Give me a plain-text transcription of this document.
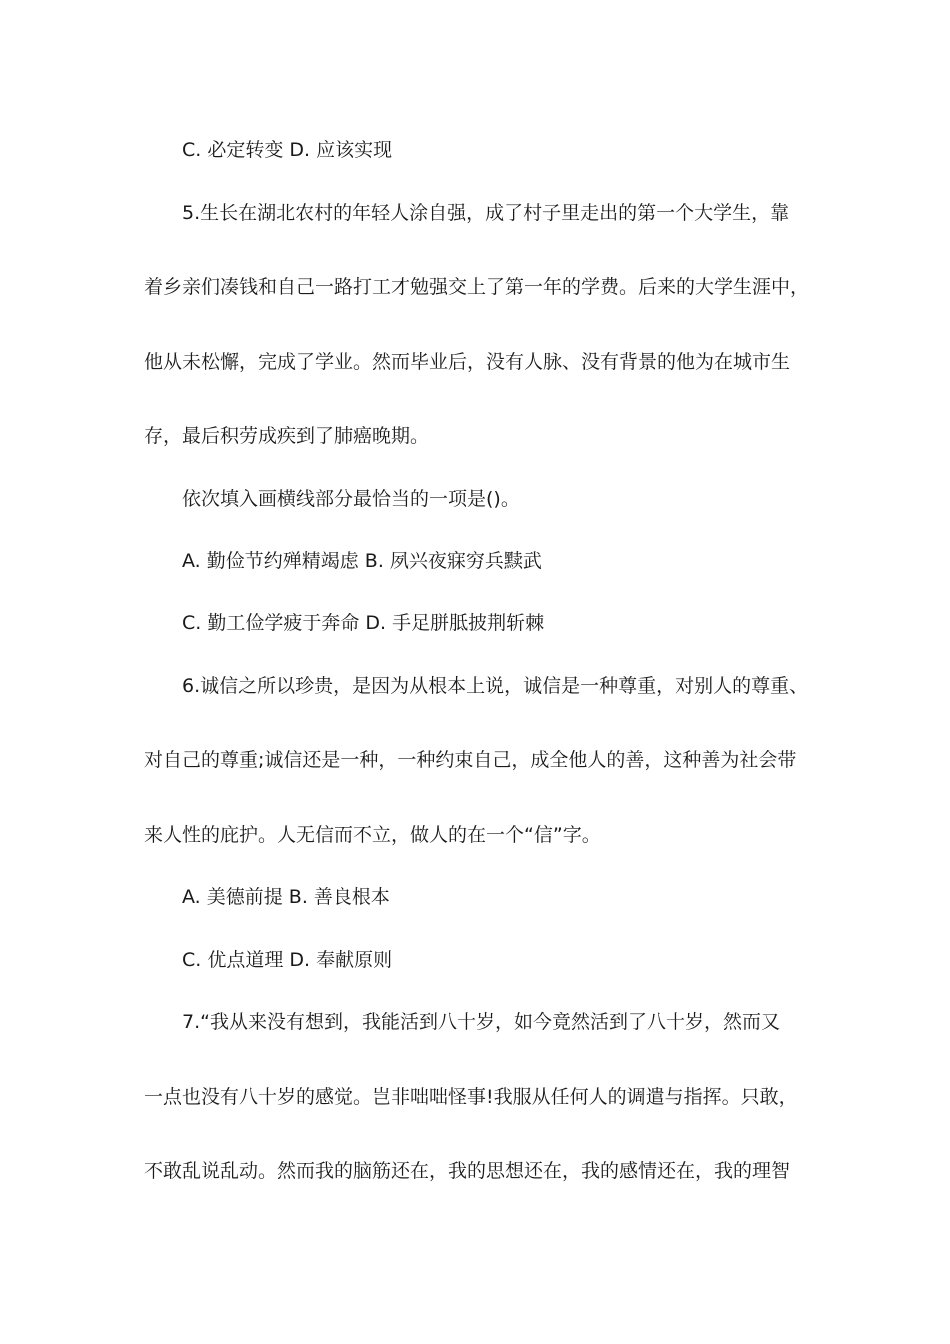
C. 必定转变 D. 应该实现
5.生长在湖北农村的年轻人涂自强，成了村子里走出的第一个大学生，靠
着乡亲们凑钱和自己一路打工才勉强交上了第一年的学费。后来的大学生涯中，
他从未松懈，完成了学业。然而毕业后，没有人脉、没有背景的他为在城市生
存，最后积劳成疾到了肺癌晚期。
依次填入画横线部分最恰当的一项是()。
A. 勤俭节约殚精竭虑 B. 夙兴夜寐穷兵黩武
C. 勤工俭学疲于奔命 D. 手足胼胝披荆斩棘
6.诚信之所以珍贵，是因为从根本上说，诚信是一种尊重，对别人的尊重、
对自己的尊重;诚信还是一种，一种约束自己，成全他人的善，这种善为社会带
来人性的庇护。人无信而不立，做人的在一个“信”字。
A. 美德前提 B. 善良根本
C. 优点道理 D. 奉献原则
7.“我从来没有想到，我能活到八十岁，如今竟然活到了八十岁，然而又
一点也没有八十岁的感觉。岂非咄咄怪事!我服从任何人的调遣与指挥。只敢，
不敢乱说乱动。然而我的脑筋还在，我的思想还在，我的感情还在，我的理智
